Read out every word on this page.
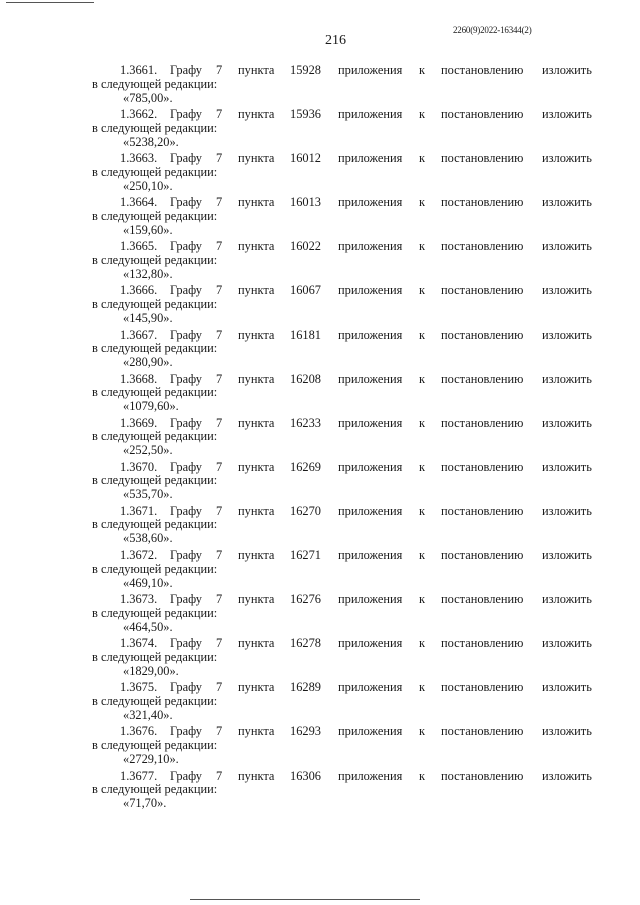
2260(9)2022-16344(2)
216
1.3661. Графу 7 пункта 15928 приложения к постановлению изложить
в следующей редакции:
«785,00».
1.3662. Графу 7 пункта 15936 приложения к постановлению изложить
в следующей редакции:
«5238,20».
1.3663. Графу 7 пункта 16012 приложения к постановлению изложить
в следующей редакции:
«250,10».
1.3664. Графу 7 пункта 16013 приложения к постановлению изложить
в следующей редакции:
«159,60».
1.3665. Графу 7 пункта 16022 приложения к постановлению изложить
в следующей редакции:
«132,80».
1.3666. Графу 7 пункта 16067 приложения к постановлению изложить
в следующей редакции:
«145,90».
1.3667. Графу 7 пункта 16181 приложения к постановлению изложить
в следующей редакции:
«280,90».
1.3668. Графу 7 пункта 16208 приложения к постановлению изложить
в следующей редакции:
«1079,60».
1.3669. Графу 7 пункта 16233 приложения к постановлению изложить
в следующей редакции:
«252,50».
1.3670. Графу 7 пункта 16269 приложения к постановлению изложить
в следующей редакции:
«535,70».
1.3671. Графу 7 пункта 16270 приложения к постановлению изложить
в следующей редакции:
«538,60».
1.3672. Графу 7 пункта 16271 приложения к постановлению изложить
в следующей редакции:
«469,10».
1.3673. Графу 7 пункта 16276 приложения к постановлению изложить
в следующей редакции:
«464,50».
1.3674. Графу 7 пункта 16278 приложения к постановлению изложить
в следующей редакции:
«1829,00».
1.3675. Графу 7 пункта 16289 приложения к постановлению изложить
в следующей редакции:
«321,40».
1.3676. Графу 7 пункта 16293 приложения к постановлению изложить
в следующей редакции:
«2729,10».
1.3677. Графу 7 пункта 16306 приложения к постановлению изложить
в следующей редакции:
«71,70».
